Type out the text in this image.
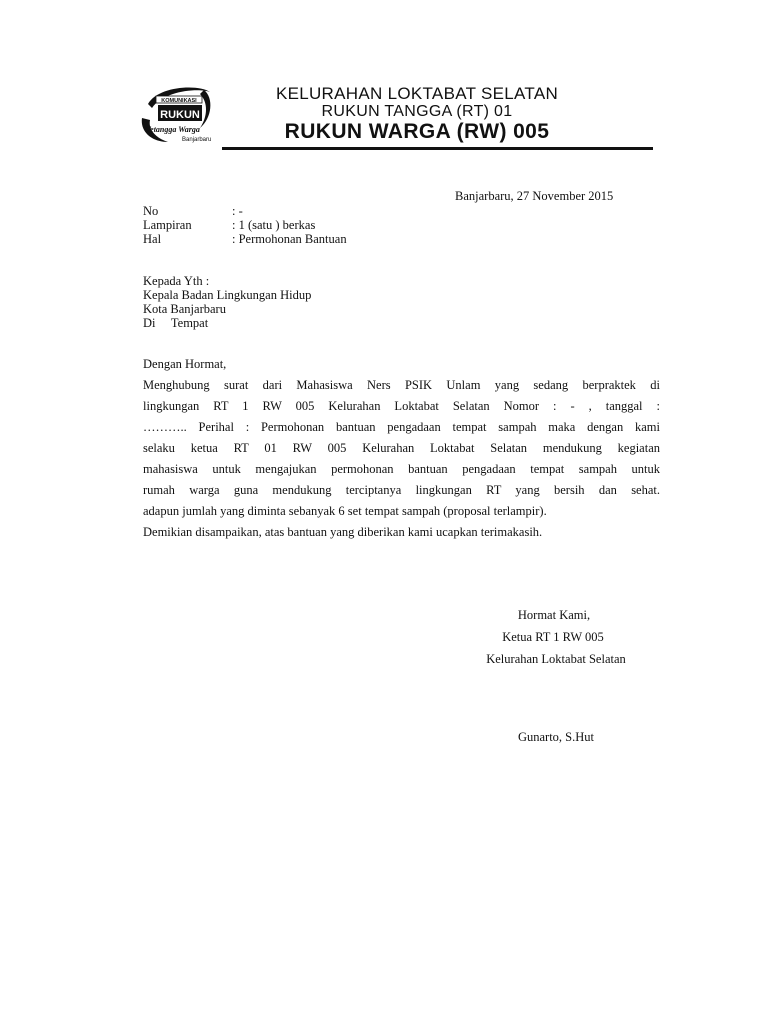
KOMUNIKASI
RUKUN
Tetangga Warga
Banjarbaru
KELURAHAN LOKTABAT SELATAN
RUKUN TANGGA (RT) 01
RUKUN WARGA (RW) 005
Banjarbaru, 27 November 2015
No	: -
Lampiran	: 1 (satu ) berkas
Hal	: Permohonan Bantuan
Kepada Yth :
Kepala Badan Lingkungan Hidup
Kota Banjarbaru
Di     Tempat
Dengan Hormat,

Menghubung surat dari Mahasiswa Ners PSIK Unlam yang sedang berpraktek di

lingkungan RT 1 RW 005 Kelurahan Loktabat Selatan Nomor : - , tanggal :

……….. Perihal : Permohonan bantuan pengadaan tempat sampah maka dengan kami

selaku ketua RT 01 RW 005 Kelurahan Loktabat Selatan mendukung kegiatan

mahasiswa untuk mengajukan permohonan bantuan pengadaan tempat sampah untuk

rumah warga guna mendukung terciptanya lingkungan RT yang bersih dan sehat.

adapun jumlah yang diminta sebanyak 6 set tempat sampah (proposal terlampir).

Demikian disampaikan, atas bantuan yang diberikan kami ucapkan terimakasih.

Hormat Kami,
Ketua RT 1 RW 005
Kelurahan Loktabat Selatan
Gunarto, S.Hut
